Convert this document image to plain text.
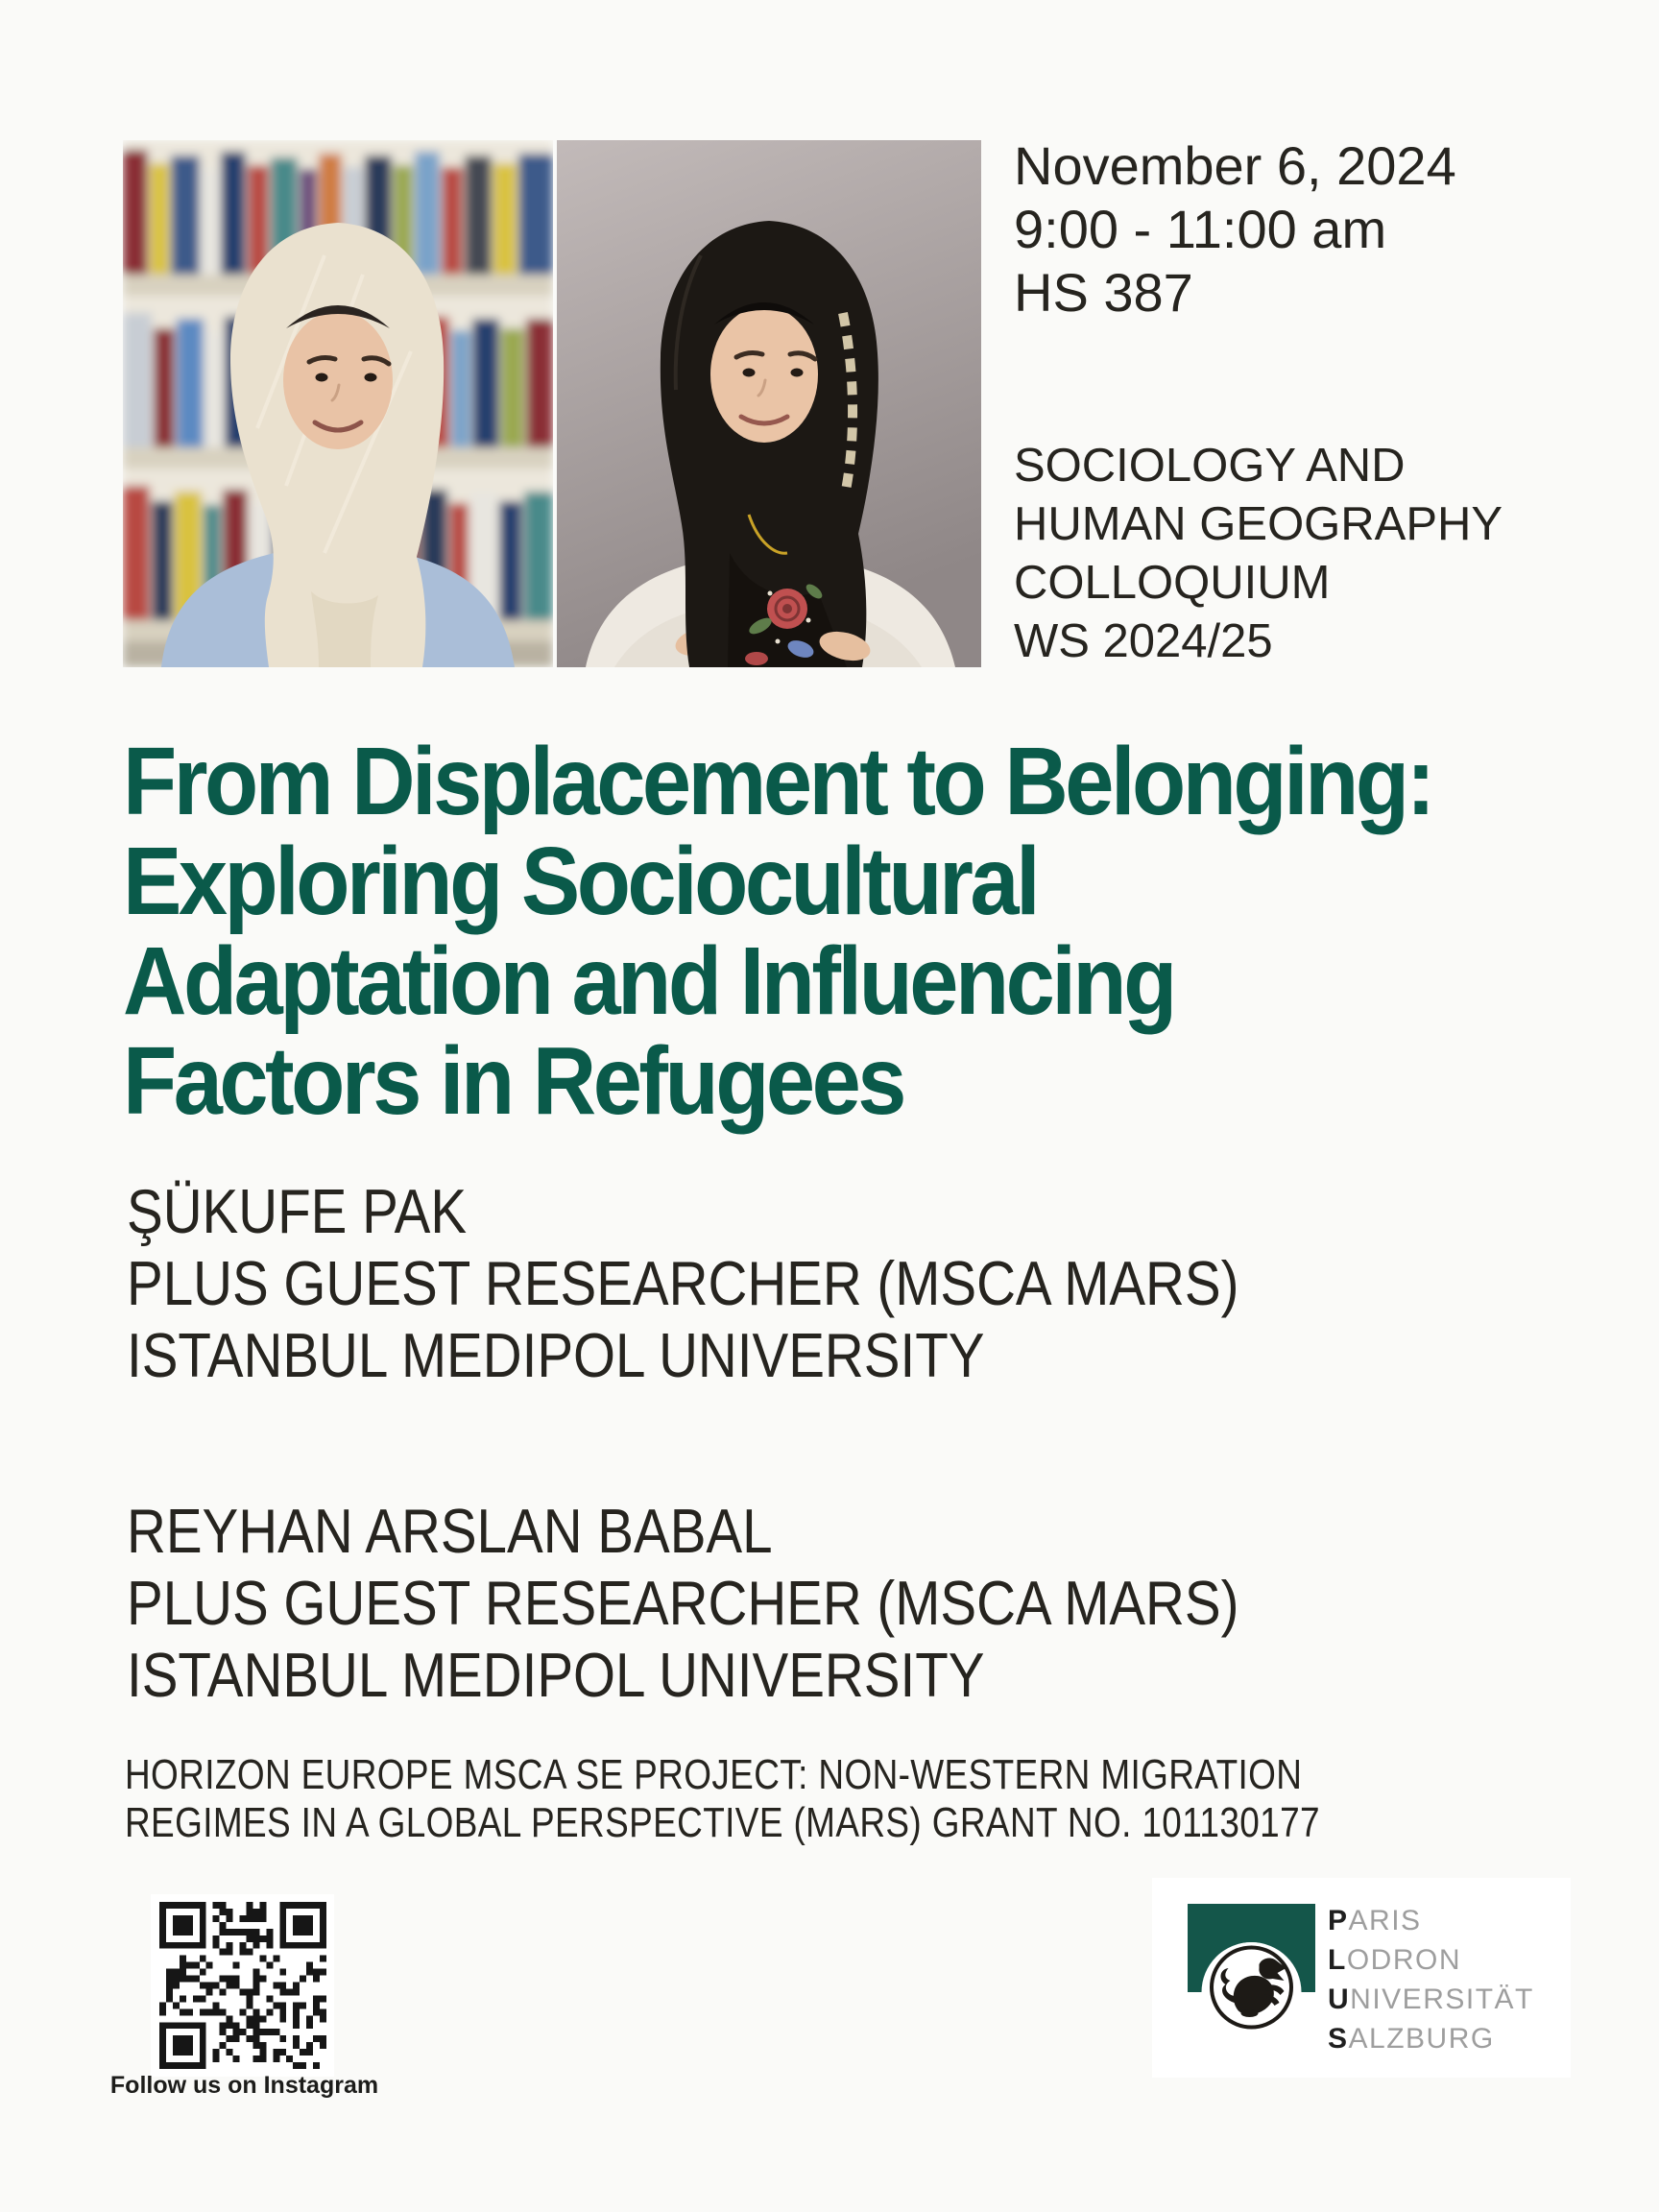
November 6, 2024
9:00 - 11:00 am
HS 387
SOCIOLOGY AND
HUMAN GEOGRAPHY
COLLOQUIUM
WS 2024/25
From Displacement to Belonging:
Exploring Sociocultural
Adaptation and Influencing
Factors in Refugees
ŞÜKUFE PAK
PLUS GUEST RESEARCHER (MSCA MARS)
ISTANBUL MEDIPOL UNIVERSITY
REYHAN ARSLAN BABAL
PLUS GUEST RESEARCHER (MSCA MARS)
ISTANBUL MEDIPOL UNIVERSITY
HORIZON EUROPE MSCA SE PROJECT: NON-WESTERN MIGRATION
REGIMES IN A GLOBAL PERSPECTIVE (MARS) GRANT NO. 101130177
Follow us on Instagram
PARIS
LODRON
UNIVERSITÄT
SALZBURG
